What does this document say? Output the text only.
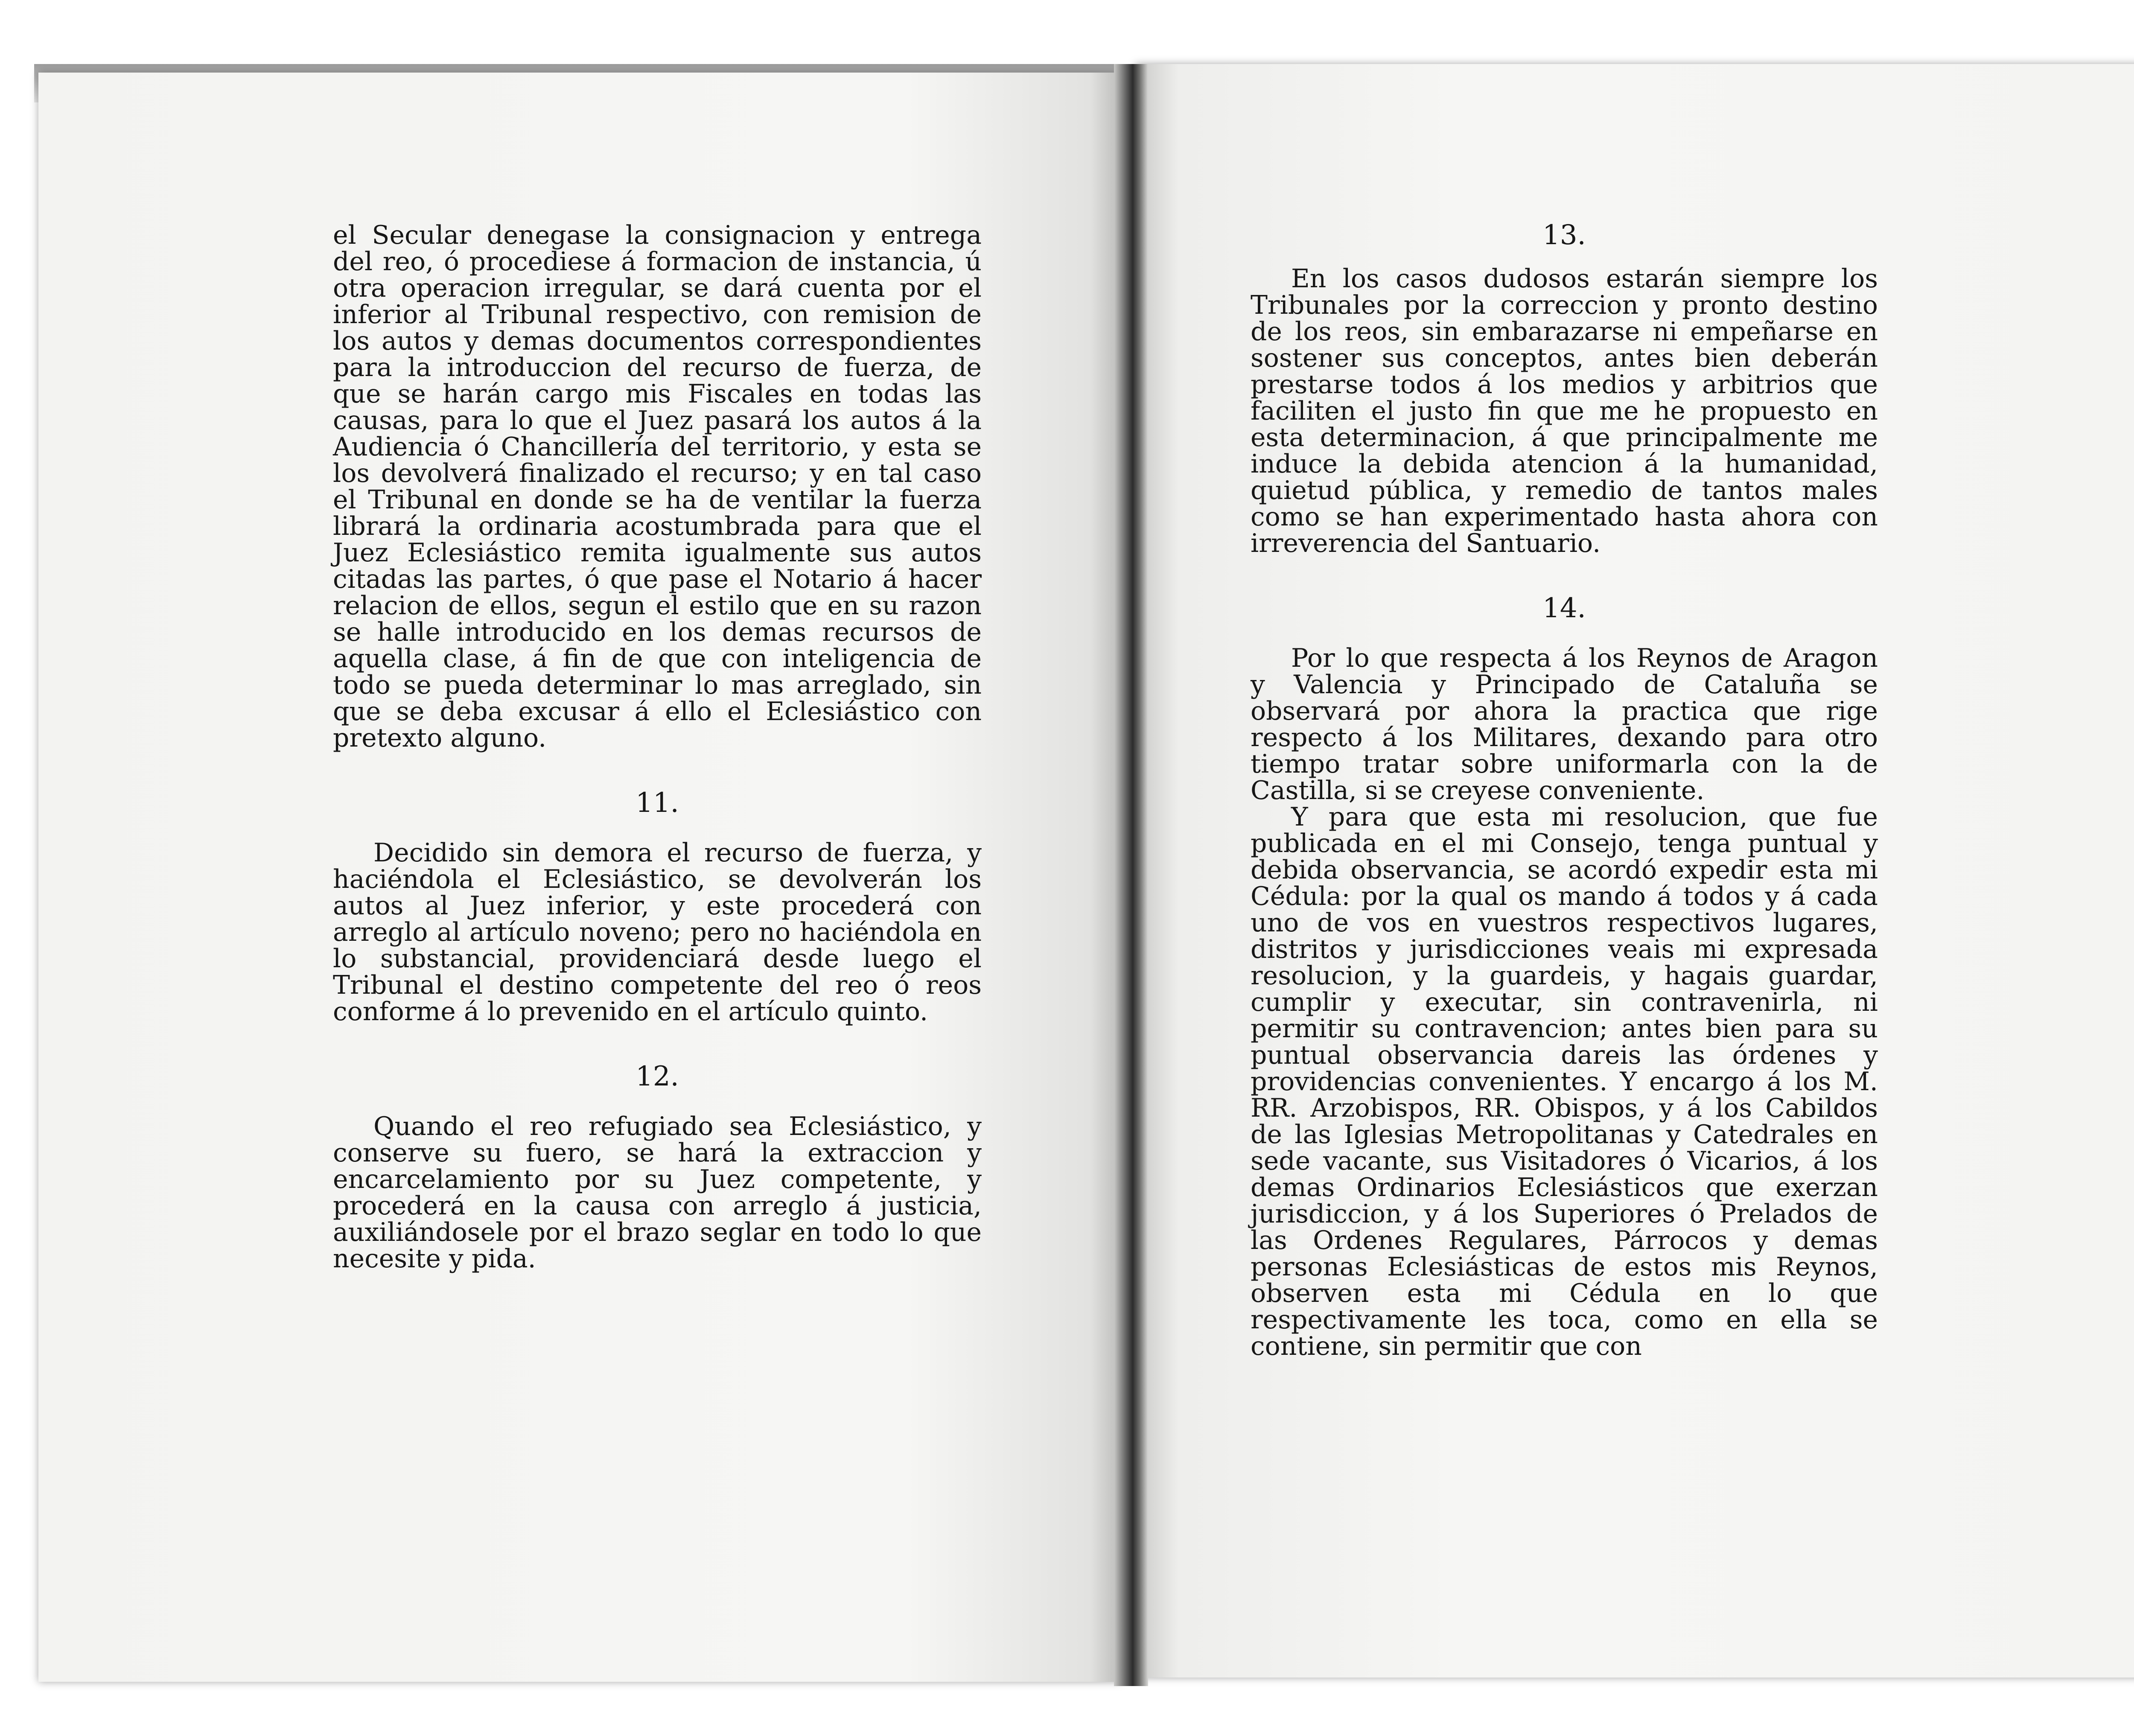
el Secular denegase la consignacion y entrega del reo, ó procediese á formacion de instancia, ú otra operacion irregular, se dará cuenta por el inferior al Tribunal respectivo, con remision de los autos y demas documentos correspondientes para la introduccion del recurso de fuerza, de que se harán cargo mis Fiscales en todas las causas, para lo que el Juez pasará los autos á la Audiencia ó Chancillería del territorio, y esta se los devolverá finalizado el recurso; y en tal caso el Tribunal en donde se ha de ventilar la fuerza librará la ordinaria acostumbrada para que el Juez Eclesiástico remita igualmente sus autos citadas las partes, ó que pase el Notario á hacer relacion de ellos, segun el estilo que en su razon se halle introducido en los demas recursos de aquella clase, á fin de que con inteligencia de todo se pueda determinar lo mas arreglado, sin que se deba excusar á ello el Eclesiástico con pretexto alguno.

11.

Decidido sin demora el recurso de fuerza, y haciéndola el Eclesiástico, se devolverán los autos al Juez inferior, y este procederá con arreglo al artículo noveno; pero no haciéndola en lo substancial, providenciará desde luego el Tribunal el destino competente del reo ó reos conforme á lo prevenido en el artículo quinto.

12.

Quando el reo refugiado sea Eclesiástico, y conserve su fuero, se hará la extraccion y encarcelamiento por su Juez competente, y procederá en la causa con arreglo á justicia, auxiliándosele por el brazo seglar en todo lo que necesite y pida.

13.

En los casos dudosos estarán siempre los Tribunales por la correccion y pronto destino de los reos, sin embarazarse ni empeñarse en sostener sus conceptos, antes bien deberán prestarse todos á los medios y arbitrios que faciliten el justo fin que me he propuesto en esta determinacion, á que principalmente me induce la debida atencion á la humanidad, quietud pública, y remedio de tantos males como se han experimentado hasta ahora con irreverencia del Santuario.

14.

Por lo que respecta á los Reynos de Aragon y Valencia y Principado de Cataluña se observará por ahora la practica que rige respecto á los Militares, dexando para otro tiempo tratar sobre uniformarla con la de Castilla, si se creyese conveniente.

Y para que esta mi resolucion, que fue publicada en el mi Consejo, tenga puntual y debida observancia, se acordó expedir esta mi Cédula: por la qual os mando á todos y á cada uno de vos en vuestros respectivos lugares, distritos y jurisdicciones veais mi expresada resolucion, y la guardeis, y hagais guardar, cumplir y executar, sin contravenirla, ni permitir su contravencion; antes bien para su puntual observancia dareis las órdenes y providencias convenientes. Y encargo á los M. RR. Arzobispos, RR. Obispos, y á los Cabildos de las Iglesias Metropolitanas y Catedrales en sede vacante, sus Visitadores ó Vicarios, á los demas Ordinarios Eclesiásticos que exerzan jurisdiccion, y á los Superiores ó Prelados de las Ordenes Regulares, Párrocos y demas personas Eclesiásticas de estos mis Reynos, observen esta mi Cédula en lo que respectivamente les toca, como en ella se contiene, sin permitir que con
